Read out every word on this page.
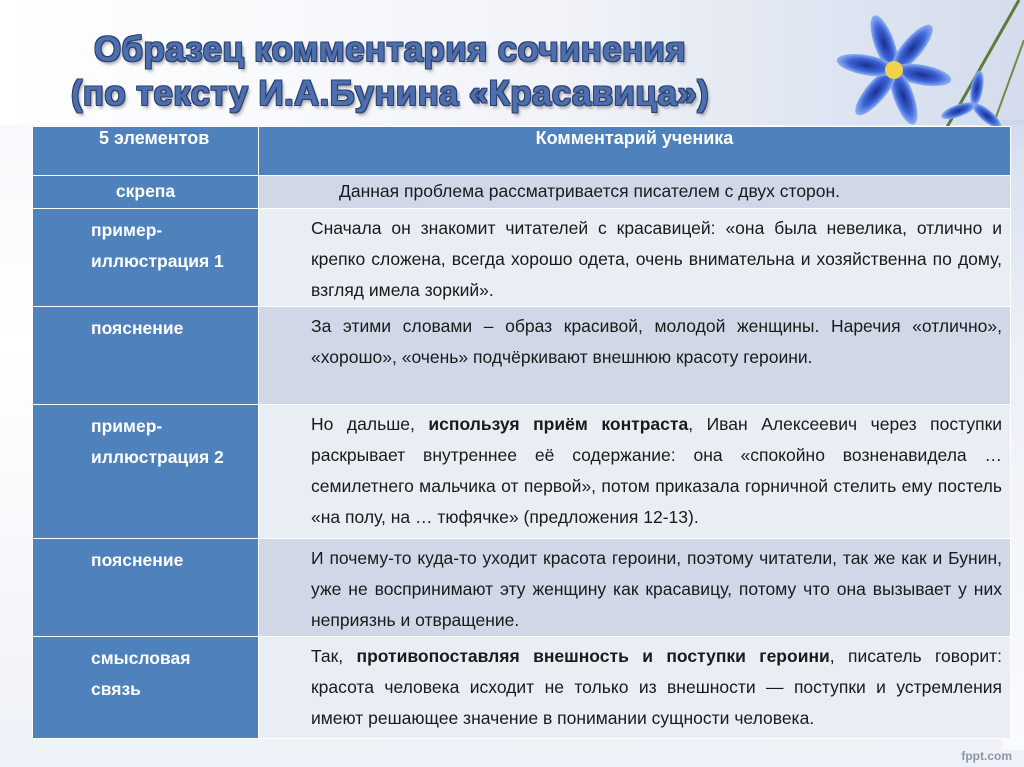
Образец комментария сочинения
(по тексту И.А.Бунина «Красавица»)
5 элементов	Комментарий ученика
скрепа	Данная проблема рассматривается писателем с двух сторон.
пример-
иллюстрация 1	Сначала он знакомит читателей с красавицей: «она была невелика, отлично и крепко сложена, всегда хорошо одета, очень внимательна и хозяйственна по дому, взгляд имела зоркий».
пояснение	За этими словами – образ красивой, молодой женщины. Наречия «отлично», «хорошо», «очень» подчёркивают внешнюю красоту героини.
пример-
иллюстрация 2	Но дальше, используя приём контраста, Иван Алексеевич через поступки раскрывает внутреннее её содержание: она «спокойно возненавидела … семилетнего мальчика от первой», потом приказала горничной стелить ему постель «на полу, на … тюфячке» (предложения 12-13).
пояснение	И почему-то куда-то уходит красота героини, поэтому читатели, так же как и Бунин, уже не воспринимают эту женщину как красавицу, потому что она вызывает у них неприязнь и отвращение.
смысловая
связь	Так, противопоставляя внешность и поступки героини, писатель говорит: красота человека исходит не только из внешности — поступки и устремления имеют решающее значение в понимании сущности человека.
fppt.com
